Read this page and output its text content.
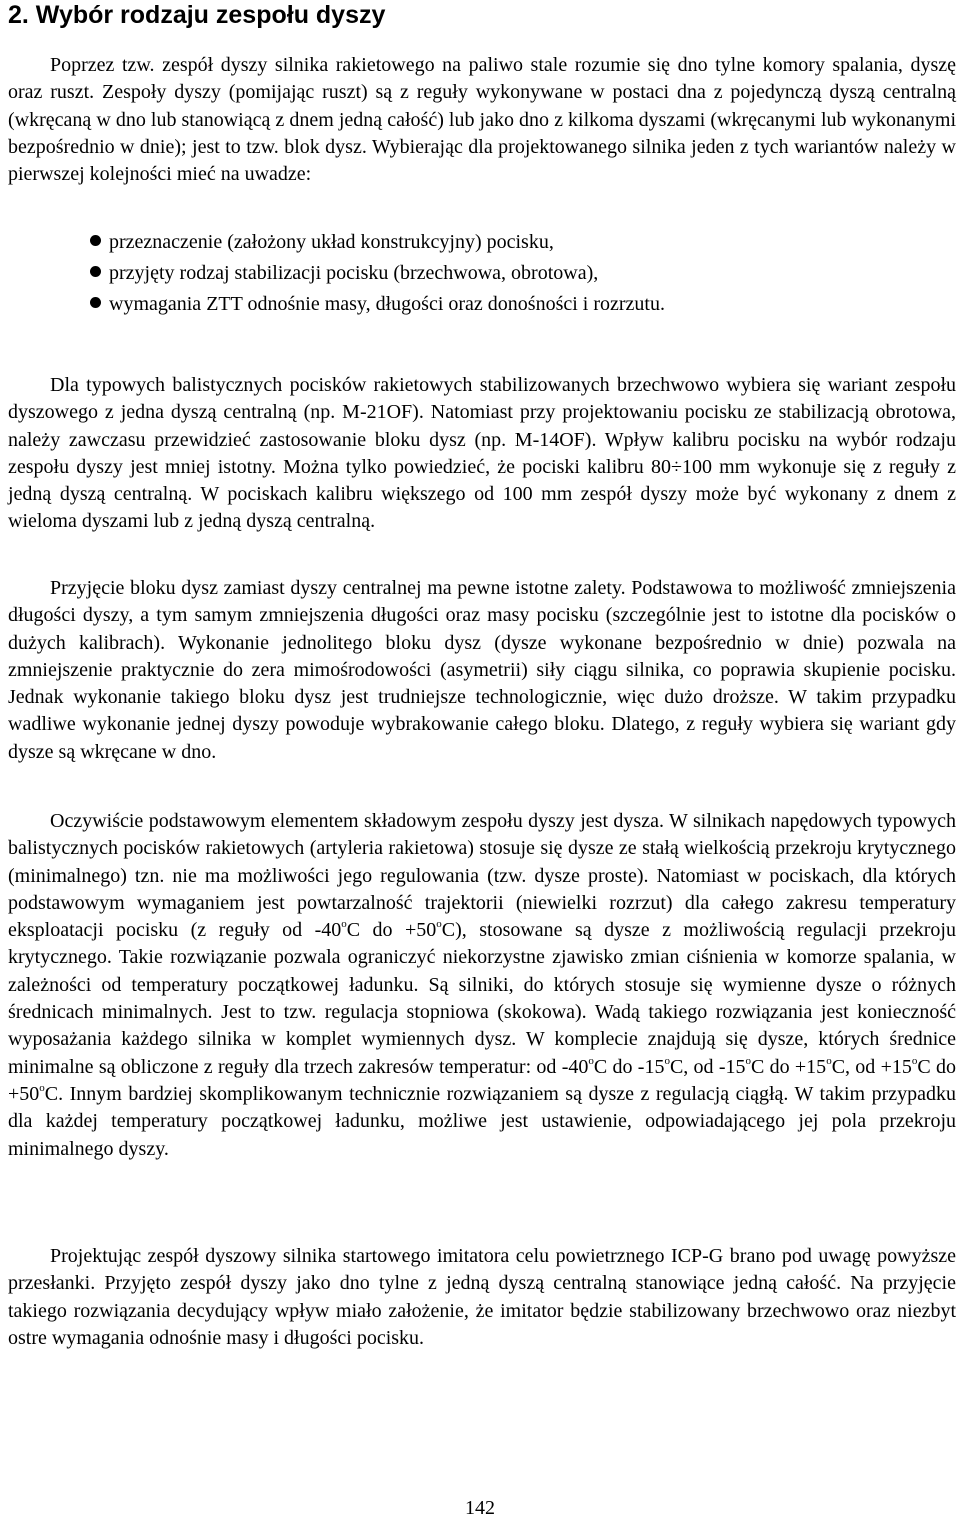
2. Wybór rodzaju zespołu dyszy

Poprzez tzw. zespół dyszy silnika rakietowego na paliwo stale rozumie się dno tylne komory spalania, dyszę oraz ruszt. Zespoły dyszy (pomijając ruszt) są z reguły wykonywane w postaci dna z pojedynczą dyszą centralną (wkręcaną w dno lub stanowiącą z dnem jedną całość) lub jako dno z kilkoma dyszami (wkręcanymi lub wykonanymi bezpośrednio w dnie); jest to tzw. blok dysz. Wybierając dla projektowanego silnika jeden z tych wariantów należy w pierwszej kolejności mieć na uwadze:

przeznaczenie (założony układ konstrukcyjny) pocisku,
przyjęty rodzaj stabilizacji pocisku (brzechwowa, obrotowa),
wymagania ZTT odnośnie masy, długości oraz donośności i rozrzutu.

Dla typowych balistycznych pocisków rakietowych stabilizowanych brzechwowo wybiera się wariant zespołu dyszowego z jedna dyszą centralną (np. M-21OF). Natomiast przy projektowaniu pocisku ze stabilizacją obrotowa, należy zawczasu przewidzieć zastosowanie bloku dysz (np. M-14OF). Wpływ kalibru pocisku na wybór rodzaju zespołu dyszy jest mniej istotny. Można tylko powiedzieć, że pociski kalibru 80÷100 mm wykonuje się z reguły z jedną dyszą centralną. W pociskach kalibru większego od 100 mm zespół dyszy może być wykonany z dnem z wieloma dyszami lub z jedną dyszą centralną.

Przyjęcie bloku dysz zamiast dyszy centralnej ma pewne istotne zalety. Podstawowa to możliwość zmniejszenia długości dyszy, a tym samym zmniejszenia długości oraz masy pocisku (szczególnie jest to istotne dla pocisków o dużych kalibrach). Wykonanie jednolitego bloku dysz (dysze wykonane bezpośrednio w dnie) pozwala na zmniejszenie praktycznie do zera mimośrodowości (asymetrii) siły ciągu silnika, co poprawia skupienie pocisku. Jednak wykonanie takiego bloku dysz jest trudniejsze technologicznie, więc dużo droższe. W takim przypadku wadliwe wykonanie jednej dyszy powoduje wybrakowanie całego bloku. Dlatego, z reguły wybiera się wariant gdy dysze są wkręcane w dno.

Oczywiście podstawowym elementem składowym zespołu dyszy jest dysza. W silnikach napędowych typowych balistycznych pocisków rakietowych (artyleria rakietowa) stosuje się dysze ze stałą wielkością przekroju krytycznego (minimalnego) tzn. nie ma możliwości jego regulowania (tzw. dysze proste). Natomiast w pociskach, dla których podstawowym wymaganiem jest powtarzalność trajektorii (niewielki rozrzut) dla całego zakresu temperatury eksploatacji pocisku (z reguły od -40$^o$C do $+50^oC$), stosowane są dysze z możliwością regulacji przekroju krytycznego. Takie rozwiązanie pozwala ograniczyć niekorzystne zjawisko zmian ciśnienia w komorze spalania, w zależności od temperatury początkowej ładunku. Są silniki, do których stosuje się wymienne dysze o różnych średnicach minimalnych. Jest to tzw. regulacja stopniowa (skokowa). Wadą takiego rozwiązania jest konieczność wyposażania każdego silnika w komplet wymiennych dysz. W komplecie znajdują się dysze, których średnice minimalne są obliczone z reguły dla trzech zakresów temperatur: od -40$^o$C do -15$^o$C, od -15$^o$C do $+15^oC$, od $+15^oC$ do $+50^oC$. Innym bardziej skomplikowanym technicznie rozwiązaniem są dysze z regulacją ciągłą. W takim przypadku dla każdej temperatury początkowej ładunku, możliwe jest ustawienie, odpowiadającego jej pola przekroju minimalnego dyszy.

Projektując zespół dyszowy silnika startowego imitatora celu powietrznego ICP-G brano pod uwagę powyższe przesłanki. Przyjęto zespół dyszy jako dno tylne z jedną dyszą centralną stanowiące jedną całość. Na przyjęcie takiego rozwiązania decydujący wpływ miało założenie, że imitator będzie stabilizowany brzechwowo oraz niezbyt ostre wymagania odnośnie masy i długości pocisku.

142
